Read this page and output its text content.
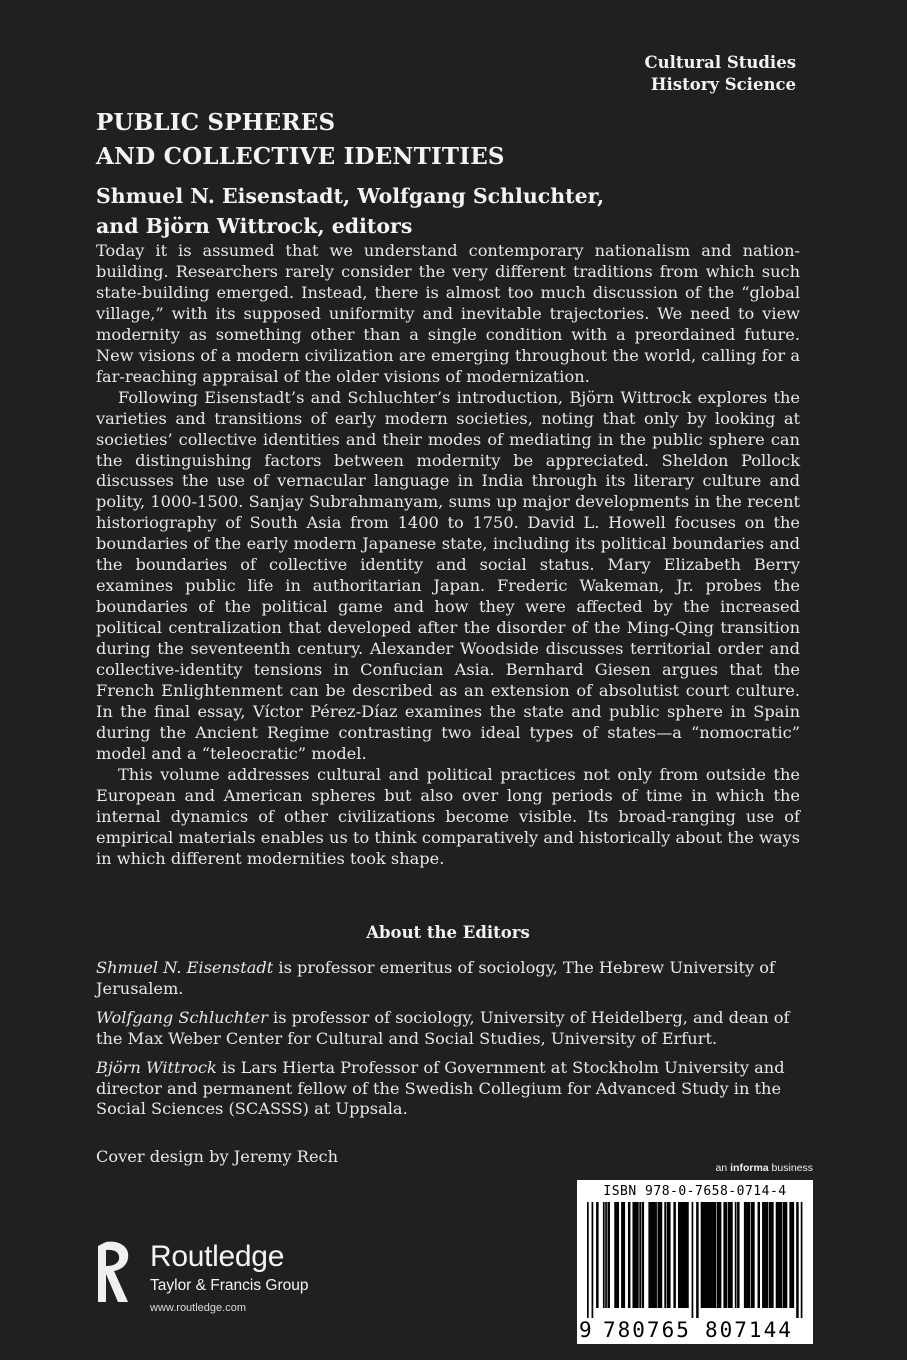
Cultural Studies
History Science
PUBLIC SPHERES
AND COLLECTIVE IDENTITIES
Shmuel N. Eisenstadt, Wolfgang Schluchter,
and Björn Wittrock, editors

Today it is assumed that we understand contemporary nationalism and nation-building. Researchers rarely consider the very different traditions from which such state-building emerged. Instead, there is almost too much discussion of the “global village,” with its supposed uniformity and inevitable trajectories. We need to view modernity as something other than a single condition with a preordained future. New visions of a modern civilization are emerging throughout the world, calling for a far-reaching appraisal of the older visions of modernization.

Following Eisenstadt’s and Schluchter’s introduction, Björn Wittrock explores the varieties and transitions of early modern societies, noting that only by looking at societies’ collective identities and their modes of mediating in the public sphere can the distinguishing factors between modernity be appreciated. Sheldon Pollock discusses the use of vernacular language in India through its literary culture and polity, 1000-1500. Sanjay Subrahmanyam, sums up major developments in the recent historiography of South Asia from 1400 to 1750. David L. Howell focuses on the boundaries of the early modern Japanese state, including its political boundaries and the boundaries of collective identity and social status. Mary Elizabeth Berry examines public life in authoritarian Japan. Frederic Wakeman, Jr. probes the boundaries of the political game and how they were affected by the increased political centralization that developed after the disorder of the Ming-Qing transition during the seventeenth century. Alexander Woodside discusses territorial order and collective-identity tensions in Confucian Asia. Bernhard Giesen argues that the French Enlightenment can be described as an extension of absolutist court culture. In the final essay, Víctor Pérez-Díaz examines the state and public sphere in Spain during the Ancient Regime contrasting two ideal types of states—a “nomocratic” model and a “teleocratic” model.

This volume addresses cultural and political practices not only from outside the European and American spheres but also over long periods of time in which the internal dynamics of other civilizations become visible. Its broad-ranging use of empirical materials enables us to think comparatively and historically about the ways in which different modernities took shape.

About the Editors

Shmuel N. Eisenstadt is professor emeritus of sociology, The Hebrew University of Jerusalem.

Wolfgang Schluchter is professor of sociology, University of Heidelberg, and dean of the Max Weber Center for Cultural and Social Studies, University of Erfurt.

Björn Wittrock is Lars Hierta Professor of Government at Stockholm University and director and permanent fellow of the Swedish Collegium for Advanced Study in the Social Sciences (SCASSS) at Uppsala.

Cover design by Jeremy Rech
an informa business
ISBN 978-0-7658-0714-4
9 780765 807144
ROUTLEDGE
Routledge
Taylor & Francis Group
www.routledge.com
